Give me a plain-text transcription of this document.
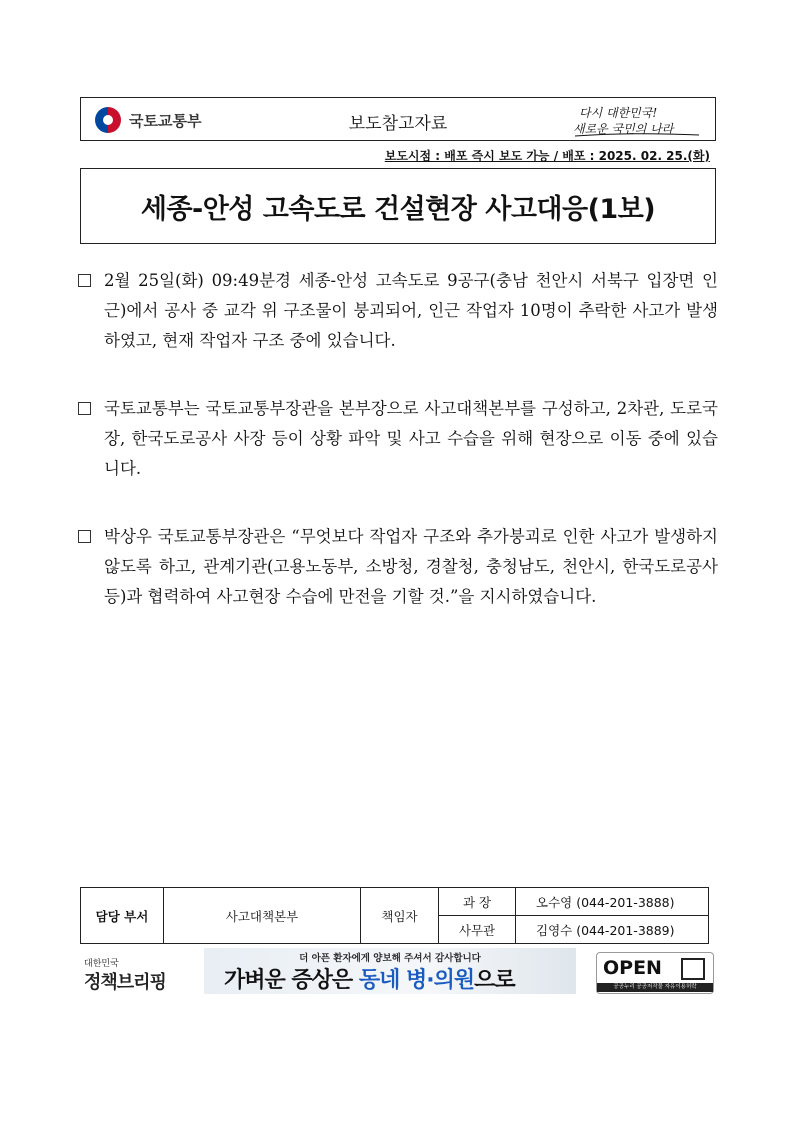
국토교통부	보도참고자료
다시 대한민국!
새로운 국민의 나라
보도시점 : 배포 즉시 보도 가능 / 배포 : 2025. 02. 25.(화)
세종-안성 고속도로 건설현장 사고대응(1보)
2월 25일(화) 09:49분경 세종-안성 고속도로 9공구(충남 천안시 서북구 입장면 인근)에서 공사 중 교각 위 구조물이 붕괴되어, 인근 작업자 10명이 추락한 사고가 발생하였고, 현재 작업자 구조 중에 있습니다.
국토교통부는 국토교통부장관을 본부장으로 사고대책본부를 구성하고, 2차관, 도로국장, 한국도로공사 사장 등이 상황 파악 및 사고 수습을 위해 현장으로 이동 중에 있습니다.
박상우 국토교통부장관은 “무엇보다 작업자 구조와 추가붕괴로 인한 사고가 발생하지 않도록 하고, 관계기관(고용노동부, 소방청, 경찰청, 충청남도, 천안시, 한국도로공사 등)과 협력하여 사고현장 수습에 만전을 기할 것.”을 지시하였습니다.
담당 부서	사고대책본부	책임자	과 장	오수영 (044-201-3888)
			사무관	김영수 (044-201-3889)
대한민국
정책브리핑
더 아픈 환자에게 양보해 주셔서 감사합니다
가벼운 증상은 동네 병·의원으로	OPEN
공공누리 공공저작물 자유이용허락
